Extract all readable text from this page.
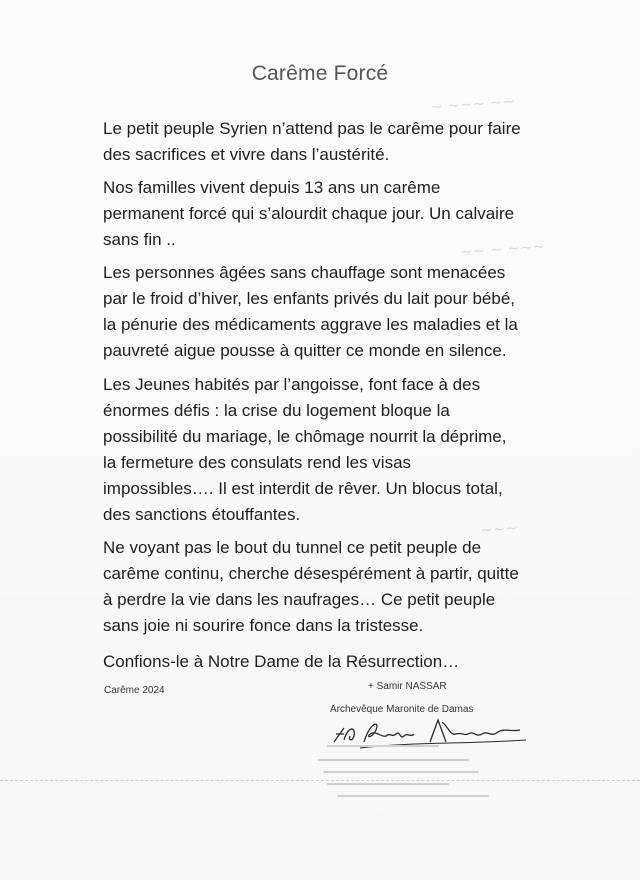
~ ~~~ ~~
~~ ~ ~~~
~~~
Carême Forcé
Le petit peuple Syrien n’attend pas le carême pour faire des sacrifices et vivre dans l’austérité.
Nos familles vivent depuis 13 ans un carême permanent forcé qui s’alourdit chaque jour. Un calvaire sans fin ..
Les personnes âgées sans chauffage sont menacées par le froid d’hiver, les enfants privés du lait pour bébé, la pénurie des médicaments aggrave les maladies et la pauvreté aigue pousse à quitter ce monde en silence.
Les Jeunes habités par l’angoisse, font face à des énormes défis : la crise du logement bloque la possibilité du mariage, le chômage nourrit la déprime, la fermeture des consulats rend les visas impossibles…. Il est interdit de rêver. Un blocus total, des sanctions étouffantes.
Ne voyant pas le bout du tunnel ce petit peuple de carême continu, cherche désespérément à partir, quitte à perdre la vie dans les naufrages… Ce petit peuple sans joie ni sourire fonce dans la tristesse.
Confions-le à Notre Dame de la Résurrection…
Carême 2024	+ Samir NASSAR
Archevêque Maronite de Damas
